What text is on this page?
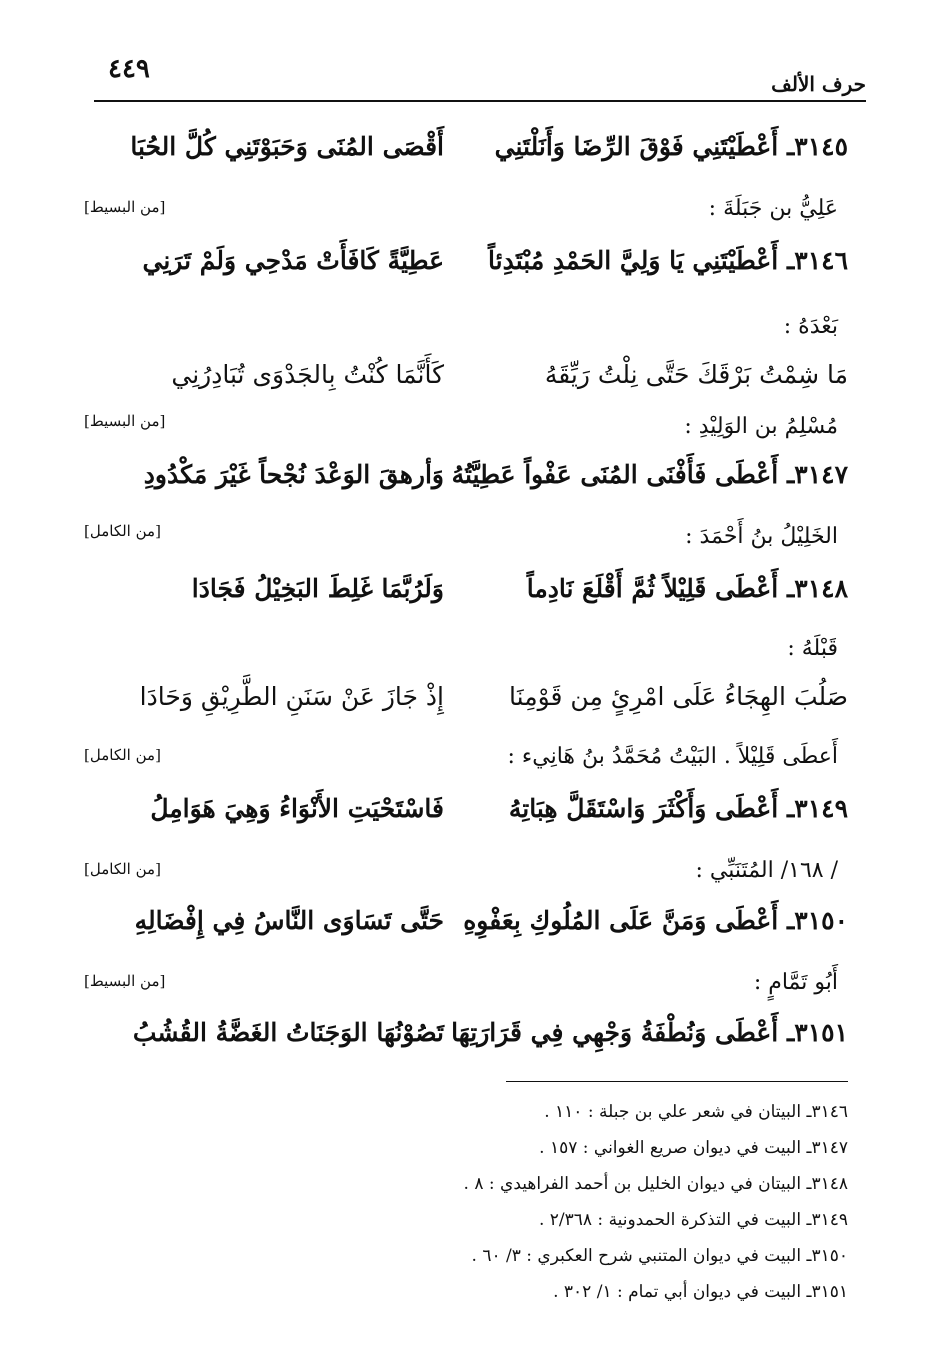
٤٤٩	حرف الألف
٣١٤٥ـ أَعْطَيْتَنِي فَوْقَ الرِّضَا وَأَنَلْتَنِي
أَقْصَى المُنَى وَحَبَوْتَنِي كُلَّ الحُبَا
عَلِيُّ بن جَبَلَةَ :
[من البسيط]
٣١٤٦ـ أَعْطَيْتَنِي يَا وَلِيَّ الحَمْدِ مُبْتَدِئاً
عَطِيَّةً كَافَأَتْ مَدْحِي وَلَمْ تَرَنِي
بَعْدَهُ :
مَا شِمْتُ بَرْقَكَ حَتَّى نِلْتُ رَيِّقَهُ
كَأَنَّمَا كُنْتُ بِالجَدْوَى تُبَادِرُنِي
مُسْلِمُ بن الوَلِيْدِ :
[من البسيط]
٣١٤٧ـ أَعْطَى فَأَفْنَى المُنَى عَفْواً عَطِيَّتُهُ
وَأرهقَ الوَعْدَ نُجْحاً غَيْرَ مَكْدُودِ
الخَلِيْلُ بنُ أَحْمَدَ :
[من الكامل]
٣١٤٨ـ أَعْطَى قَلِيْلاً ثُمَّ أَقْلَعَ نَادِماً
وَلَرُبَّمَا غَلِطَ البَخِيْلُ فَجَادَا
قَبْلَهُ :
صَلُبَ الهِجَاءُ عَلَى امْرِئٍ مِن قَوْمِنَا
إِذْ جَازَ عَنْ سَنَنِ الطَّرِيْقِ وَحَادَا
أَعطَى قَلِيْلاً . البَيْتُ مُحَمَّدُ بنُ هَانِيء :
[من الكامل]
٣١٤٩ـ أَعْطَى وَأَكْثَرَ وَاسْتَقَلَّ هِبَاتِهُ
فَاسْتَحْيَتِ الأَنْوَاءُ وَهِيَ هَوَامِلُ
/ ١٦٨/ المُتَنَبِّي :
[من الكامل]
٣١٥٠ـ أَعْطَى وَمَنَّ عَلَى المُلُوكِ بِعَفْوِهِ
حَتَّى تَسَاوَى النَّاسُ فِي إِفْضَالِهِ
أَبُو تَمَّامٍ :
[من البسيط]
٣١٥١ـ أَعْطَى وَنُطْفَةُ وَجْهِي فِي قَرَارَتِهَا
تَصُوْنُهَا الوَجَنَاتُ الغَضَّةُ القُشُبُ
٣١٤٦ـ البيتان في شعر علي بن جبلة : ١١٠ .
٣١٤٧ـ البيت في ديوان صريع الغواني : ١٥٧ .
٣١٤٨ـ البيتان في ديوان الخليل بن أحمد الفراهيدي : ٨ .
٣١٤٩ـ البيت في التذكرة الحمدونية : ٢/٣٦٨ .
٣١٥٠ـ البيت في ديوان المتنبي شرح العكبري : ٣/ ٦٠ .
٣١٥١ـ البيت في ديوان أبي تمام : ١/ ٣٠٢ .
